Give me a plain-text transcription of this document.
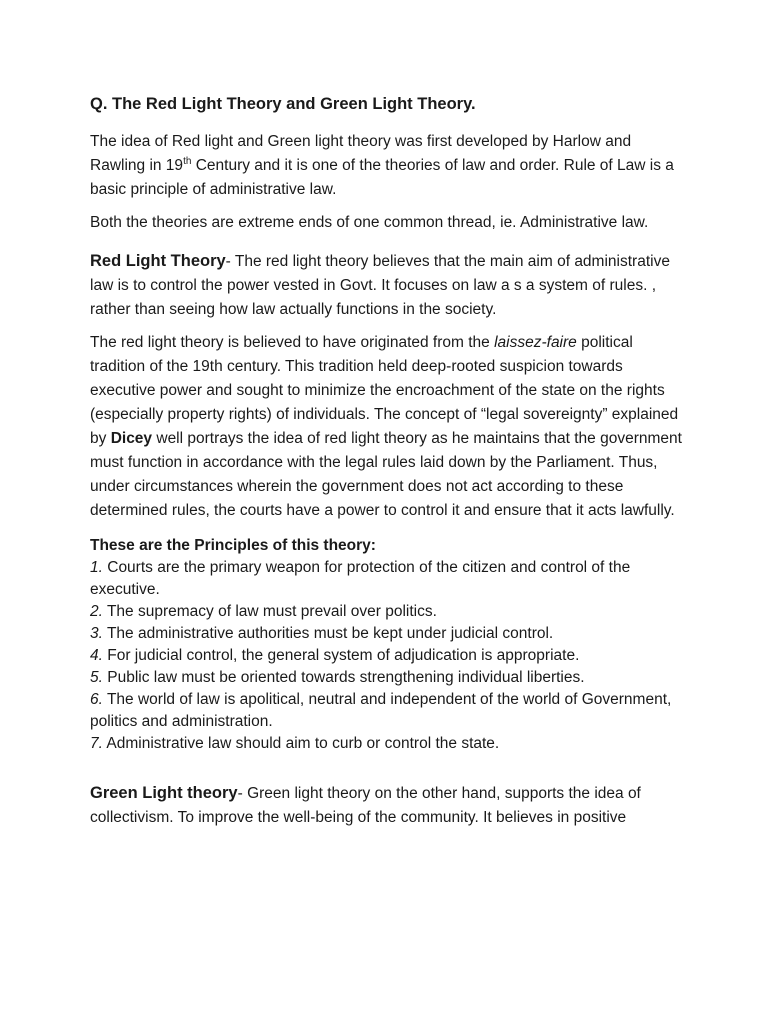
Q. The Red Light Theory and Green Light Theory.

The idea of Red light and Green light theory was first developed by Harlow and Rawling in 19th Century and it is one of the theories of law and order. Rule of Law is a basic principle of administrative law.

Both the theories are extreme ends of one common thread, ie. Administrative law.

Red Light Theory- The red light theory believes that the main aim of administrative law is to control the power vested in Govt. It focuses on law a s a system of rules. , rather than seeing how law actually functions in the society.

The red light theory is believed to have originated from the laissez-faire political tradition of the 19th century. This tradition held deep-rooted suspicion towards executive power and sought to minimize the encroachment of the state on the rights (especially property rights) of individuals. The concept of “legal sovereignty” explained by Dicey well portrays the idea of red light theory as he maintains that the government must function in accordance with the legal rules laid down by the Parliament. Thus, under circumstances wherein the government does not act according to these determined rules, the courts have a power to control it and ensure that it acts lawfully.

These are the Principles of this theory:
1. Courts are the primary weapon for protection of the citizen and control of the executive.
2. The supremacy of law must prevail over politics.
3. The administrative authorities must be kept under judicial control.
4. For judicial control, the general system of adjudication is appropriate.
5. Public law must be oriented towards strengthening individual liberties.
6. The world of law is apolitical, neutral and independent of the world of Government,
politics and administration.
7. Administrative law should aim to curb or control the state.

Green Light theory- Green light theory on the other hand, supports the idea of collectivism. To improve the well-being of the community. It believes in positive
